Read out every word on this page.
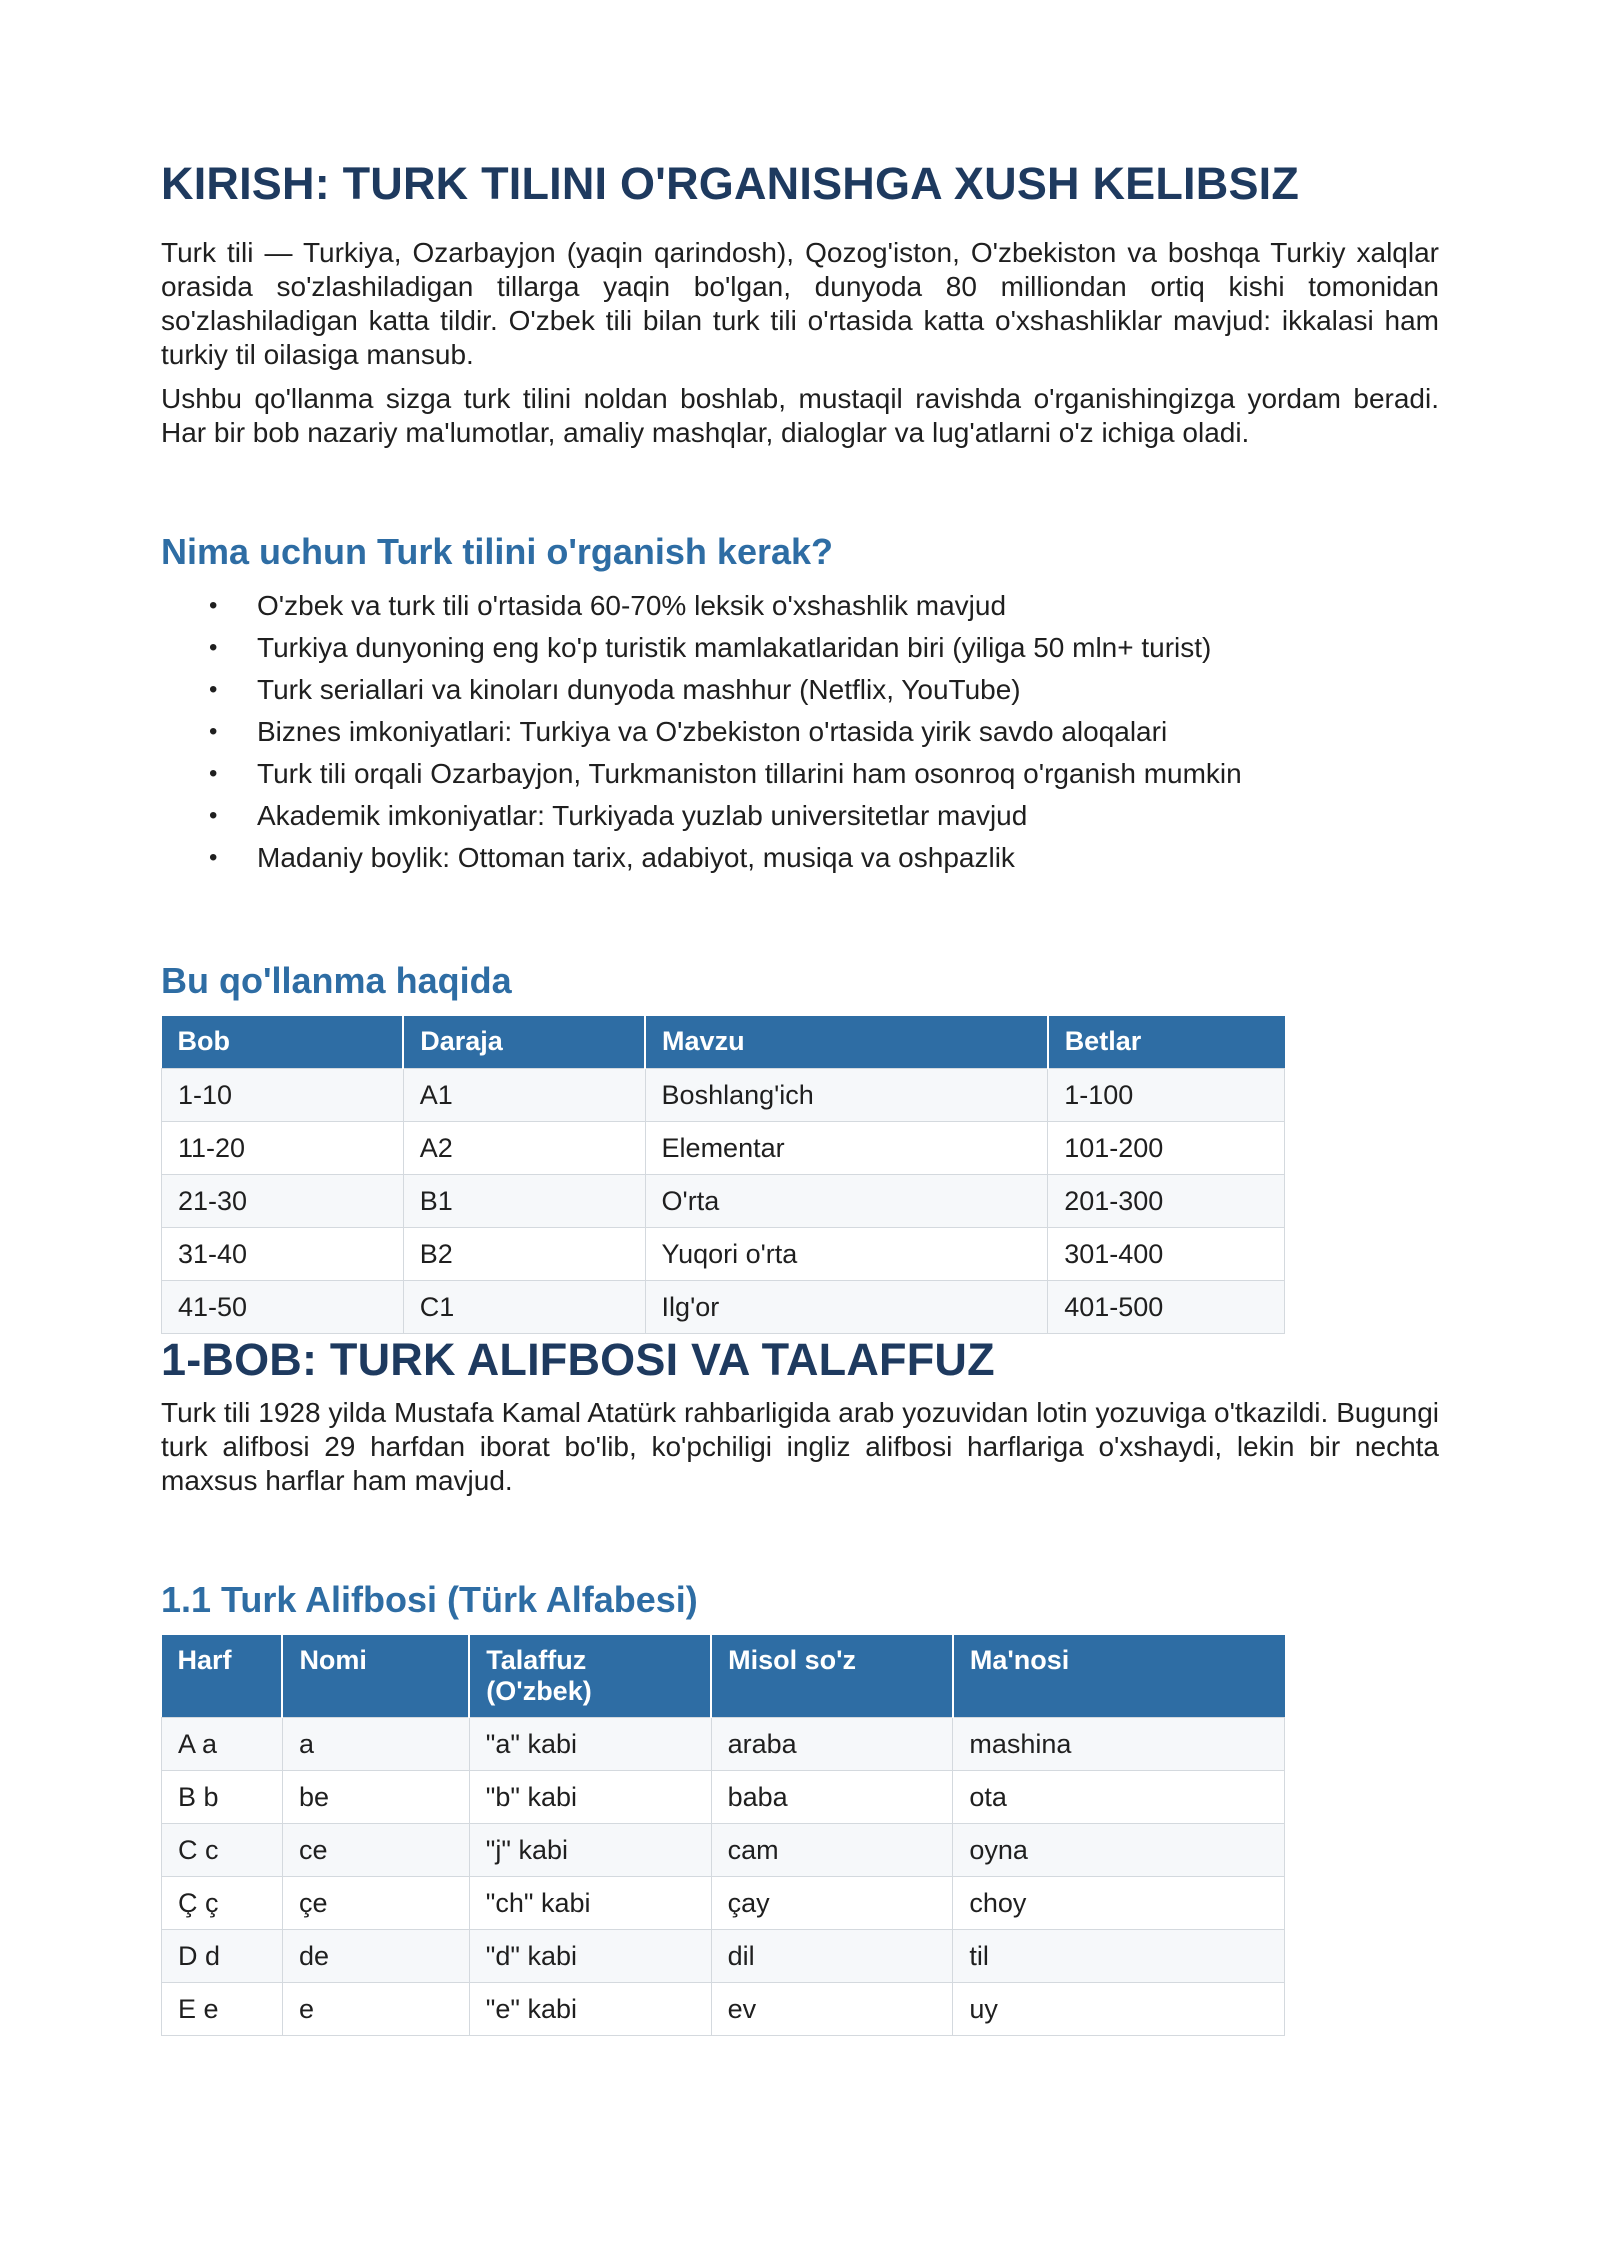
KIRISH: TURK TILINI O'RGANISHGA XUSH KELIBSIZ

Turk tili — Turkiya, Ozarbayjon (yaqin qarindosh), Qozog'iston, O'zbekiston va boshqa Turkiy xalqlar orasida so'zlashiladigan tillarga yaqin bo'lgan, dunyoda 80 milliondan ortiq kishi tomonidan so'zlashiladigan katta tildir. O'zbek tili bilan turk tili o'rtasida katta o'xshashliklar mavjud: ikkalasi ham turkiy til oilasiga mansub.

Ushbu qo'llanma sizga turk tilini noldan boshlab, mustaqil ravishda o'rganishingizga yordam beradi. Har bir bob nazariy ma'lumotlar, amaliy mashqlar, dialoglar va lug'atlarni o'z ichiga oladi.

Nima uchun Turk tilini o'rganish kerak?
• O'zbek va turk tili o'rtasida 60-70% leksik o'xshashlik mavjud
• Turkiya dunyoning eng ko'p turistik mamlakatlaridan biri (yiliga 50 mln+ turist)
• Turk seriallari va kinoları dunyoda mashhur (Netflix, YouTube)
• Biznes imkoniyatlari: Turkiya va O'zbekiston o'rtasida yirik savdo aloqalari
• Turk tili orqali Ozarbayjon, Turkmaniston tillarini ham osonroq o'rganish mumkin
• Akademik imkoniyatlar: Turkiyada yuzlab universitetlar mavjud
• Madaniy boylik: Ottoman tarix, adabiyot, musiqa va oshpazlik
Bu qo'llanma haqida
Bob	Daraja	Mavzu	Betlar
1-10	A1	Boshlang'ich	1-100
11-20	A2	Elementar	101-200
21-30	B1	O'rta	201-300
31-40	B2	Yuqori o'rta	301-400
41-50	C1	Ilg'or	401-500
1-BOB: TURK ALIFBOSI VA TALAFFUZ

Turk tili 1928 yilda Mustafa Kamal Atatürk rahbarligida arab yozuvidan lotin yozuviga o'tkazildi. Bugungi turk alifbosi 29 harfdan iborat bo'lib, ko'pchiligi ingliz alifbosi harflariga o'xshaydi, lekin bir nechta maxsus harflar ham mavjud.

1.1 Turk Alifbosi (Türk Alfabesi)
Harf	Nomi	Talaffuz (O'zbek)	Misol so'z	Ma'nosi
A a	a	"a" kabi	araba	mashina
B b	be	"b" kabi	baba	ota
C c	ce	"j" kabi	cam	oyna
Ç ç	çe	"ch" kabi	çay	choy
D d	de	"d" kabi	dil	til
E e	e	"e" kabi	ev	uy
